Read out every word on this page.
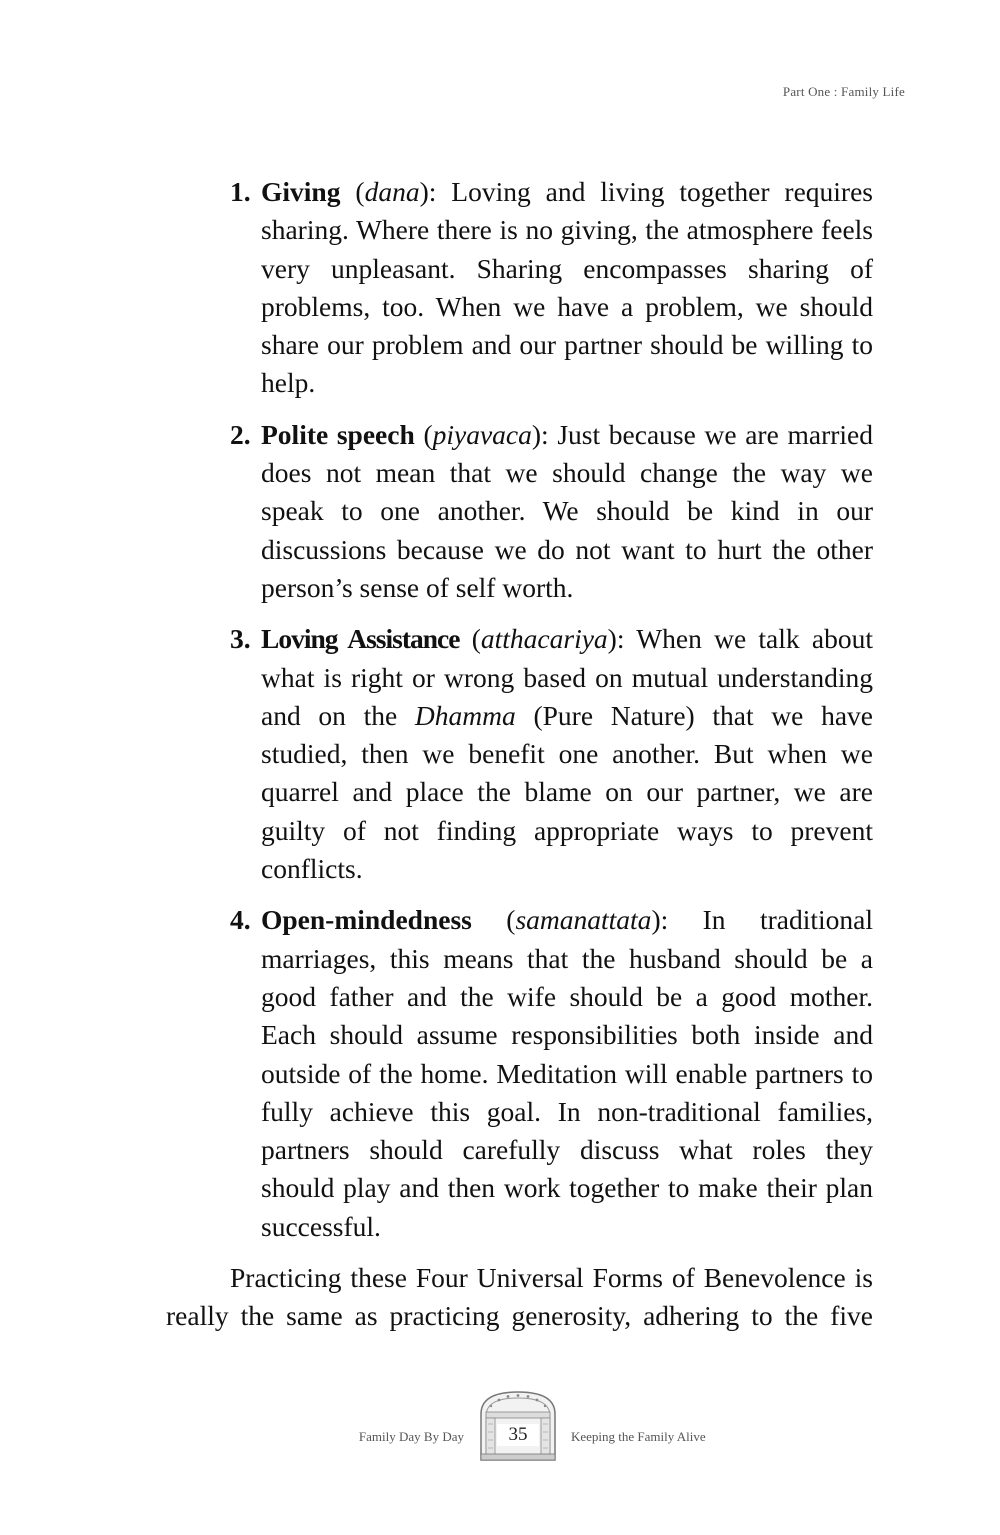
Part One : Family Life
1. Giving (dana): Loving and living together requires sharing. Where there is no giving, the atmosphere feels very unpleasant. Sharing encompasses sharing of problems, too. When we have a problem, we should share our problem and our partner should be willing to help.
2. Polite speech (piyavaca): Just because we are married does not mean that we should change the way we speak to one another. We should be kind in our discussions because we do not want to hurt the other person’s sense of self worth.
3. Loving Assistance (atthacariya): When we talk about what is right or wrong based on mutual understanding and on the Dhamma (Pure Nature) that we have studied, then we benefit one another. But when we quarrel and place the blame on our partner, we are guilty of not finding appropriate ways to prevent conflicts.
4. Open-mindedness (samanattata): In traditional marriages, this means that the husband should be a good father and the wife should be a good mother. Each should assume responsibilities both inside and outside of the home. Meditation will enable partners to fully achieve this goal. In non-traditional families, partners should carefully discuss what roles they should play and then work together to make their plan successful.

Practicing these Four Universal Forms of Benevolence is really the same as practicing generosity, adhering to the five

Family Day By Day	35	Keeping the Family Alive
